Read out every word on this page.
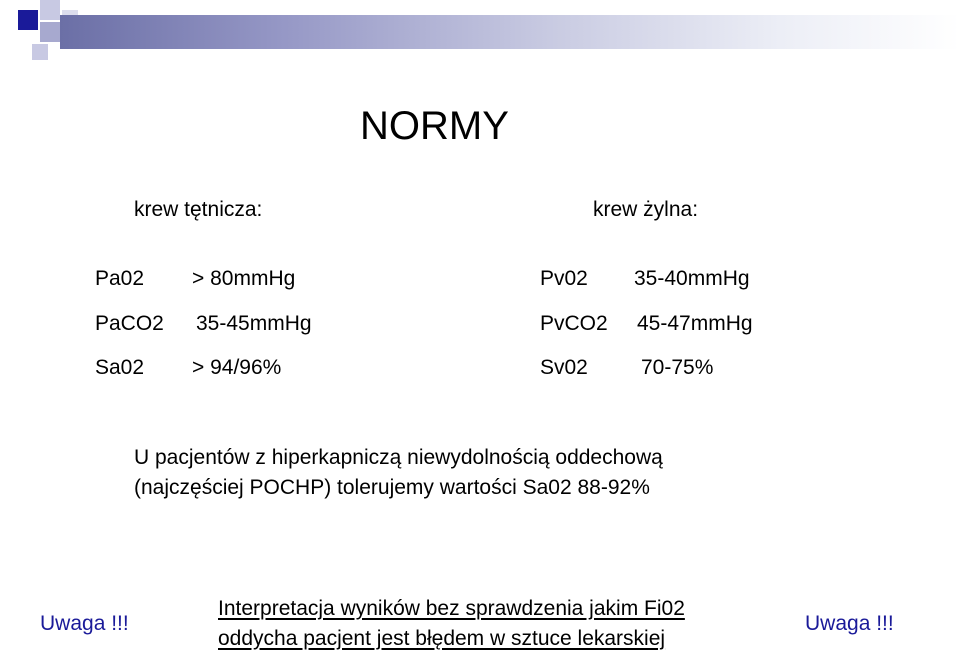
NORMY
krew tętnicza:
Pa02 > 80mmHg
PaCO2 35-45mmHg
Sa02 > 94/96%
krew żylna:
Pv02 35-40mmHg
PvCO2 45-47mmHg
Sv02	70-75%
U pacjentów z hiperkapniczą niewydolnością oddechową
(najczęściej POCHP) tolerujemy wartości Sa02 88-92%
Uwaga !!!	Uwaga !!!
Interpretacja wyników bez sprawdzenia jakim Fi02
oddycha pacjent jest błędem w sztuce lekarskiej
